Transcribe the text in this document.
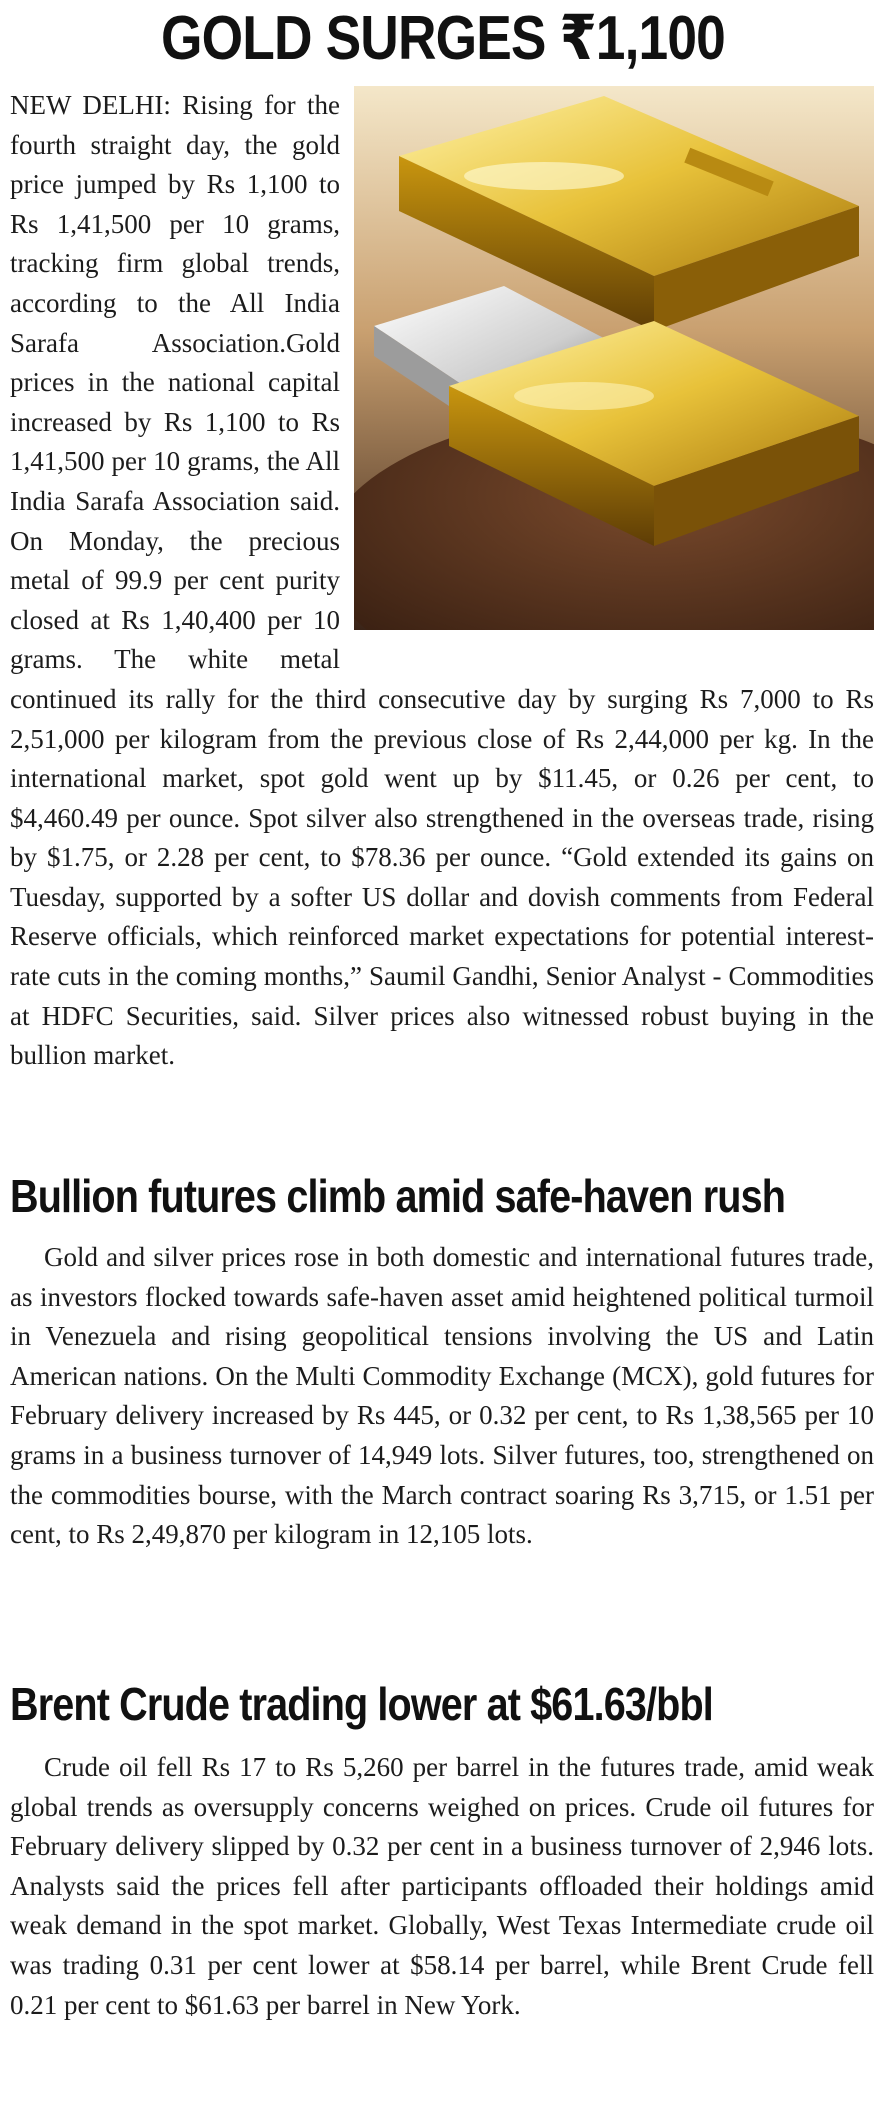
GOLD SURGES ₹1,100
NEW DELHI: Rising for the fourth straight day, the gold price jumped by Rs 1,100 to Rs 1,41,500 per 10 grams, tracking firm global trends, according to the All India Sarafa Association.Gold prices in the national capital increased by Rs 1,100 to Rs 1,41,500 per 10 grams, the All India Sarafa Association said. On Monday, the precious metal of 99.9 per cent purity closed at Rs 1,40,400 per 10 grams. The white metal continued its rally for the third consecutive day by surging Rs 7,000 to Rs 2,51,000 per kilogram from the previous close of Rs 2,44,000 per kg. In the international market, spot gold went up by $11.45, or 0.26 per cent, to $4,460.49 per ounce. Spot silver also strengthened in the overseas trade, rising by $1.75, or 2.28 per cent, to $78.36 per ounce. “Gold extended its gains on Tuesday, supported by a softer US dollar and dovish comments from Federal Reserve officials, which reinforced market expectations for potential interest-rate cuts in the coming months,” Saumil Gandhi, Senior Analyst - Commodities at HDFC Securities, said. Silver prices also witnessed robust buying in the bullion market.
Bullion futures climb amid safe-haven rush
Gold and silver prices rose in both domestic and international futures trade, as investors flocked towards safe-haven asset amid heightened political turmoil in Venezuela and rising geopolitical tensions involving the US and Latin American nations. On the Multi Commodity Exchange (MCX), gold futures for February delivery increased by Rs 445, or 0.32 per cent, to Rs 1,38,565 per 10 grams in a business turnover of 14,949 lots. Silver futures, too, strengthened on the commodities bourse, with the March contract soaring Rs 3,715, or 1.51 per cent, to Rs 2,49,870 per kilogram in 12,105 lots.
Brent Crude trading lower at $61.63/bbl
Crude oil fell Rs 17 to Rs 5,260 per barrel in the futures trade, amid weak global trends as oversupply concerns weighed on prices. Crude oil futures for February delivery slipped by 0.32 per cent in a business turnover of 2,946 lots. Analysts said the prices fell after participants offloaded their holdings amid weak demand in the spot market. Globally, West Texas Intermediate crude oil was trading 0.31 per cent lower at $58.14 per barrel, while Brent Crude fell 0.21 per cent to $61.63 per barrel in New York.
